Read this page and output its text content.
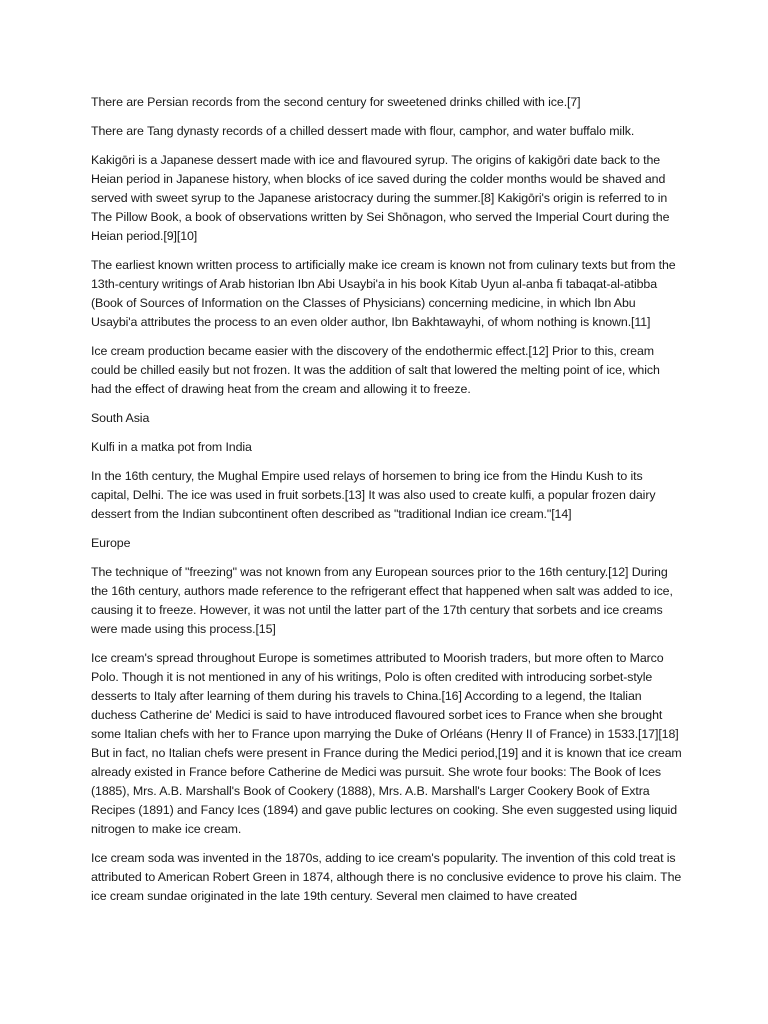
There are Persian records from the second century for sweetened drinks chilled with ice.[7]

There are Tang dynasty records of a chilled dessert made with flour, camphor, and water buffalo milk.

Kakigōri is a Japanese dessert made with ice and flavoured syrup. The origins of kakigōri date back to the Heian period in Japanese history, when blocks of ice saved during the colder months would be shaved and served with sweet syrup to the Japanese aristocracy during the summer.[8] Kakigōri's origin is referred to in The Pillow Book, a book of observations written by Sei Shōnagon, who served the Imperial Court during the Heian period.[9][10]

The earliest known written process to artificially make ice cream is known not from culinary texts but from the 13th-century writings of Arab historian Ibn Abi Usaybi'a in his book Kitab Uyun al-anba fi tabaqat-al-atibba (Book of Sources of Information on the Classes of Physicians) concerning medicine, in which Ibn Abu Usaybi'a attributes the process to an even older author, Ibn Bakhtawayhi, of whom nothing is known.[11]

Ice cream production became easier with the discovery of the endothermic effect.[12] Prior to this, cream could be chilled easily but not frozen. It was the addition of salt that lowered the melting point of ice, which had the effect of drawing heat from the cream and allowing it to freeze.

South Asia

Kulfi in a matka pot from India

In the 16th century, the Mughal Empire used relays of horsemen to bring ice from the Hindu Kush to its capital, Delhi. The ice was used in fruit sorbets.[13] It was also used to create kulfi, a popular frozen dairy dessert from the Indian subcontinent often described as "traditional Indian ice cream."[14]

Europe

The technique of "freezing" was not known from any European sources prior to the 16th century.[12] During the 16th century, authors made reference to the refrigerant effect that happened when salt was added to ice, causing it to freeze. However, it was not until the latter part of the 17th century that sorbets and ice creams were made using this process.[15]

Ice cream's spread throughout Europe is sometimes attributed to Moorish traders, but more often to Marco Polo. Though it is not mentioned in any of his writings, Polo is often credited with introducing sorbet-style desserts to Italy after learning of them during his travels to China.[16] According to a legend, the Italian duchess Catherine de' Medici is said to have introduced flavoured sorbet ices to France when she brought some Italian chefs with her to France upon marrying the Duke of Orléans (Henry II of France) in 1533.[17][18] But in fact, no Italian chefs were present in France during the Medici period,[19] and it is known that ice cream already existed in France before Catherine de Medici was pursuit. She wrote four books: The Book of Ices (1885), Mrs. A.B. Marshall's Book of Cookery (1888), Mrs. A.B. Marshall's Larger Cookery Book of Extra Recipes (1891) and Fancy Ices (1894) and gave public lectures on cooking. She even suggested using liquid nitrogen to make ice cream.

Ice cream soda was invented in the 1870s, adding to ice cream's popularity. The invention of this cold treat is attributed to American Robert Green in 1874, although there is no conclusive evidence to prove his claim. The ice cream sundae originated in the late 19th century. Several men claimed to have created
